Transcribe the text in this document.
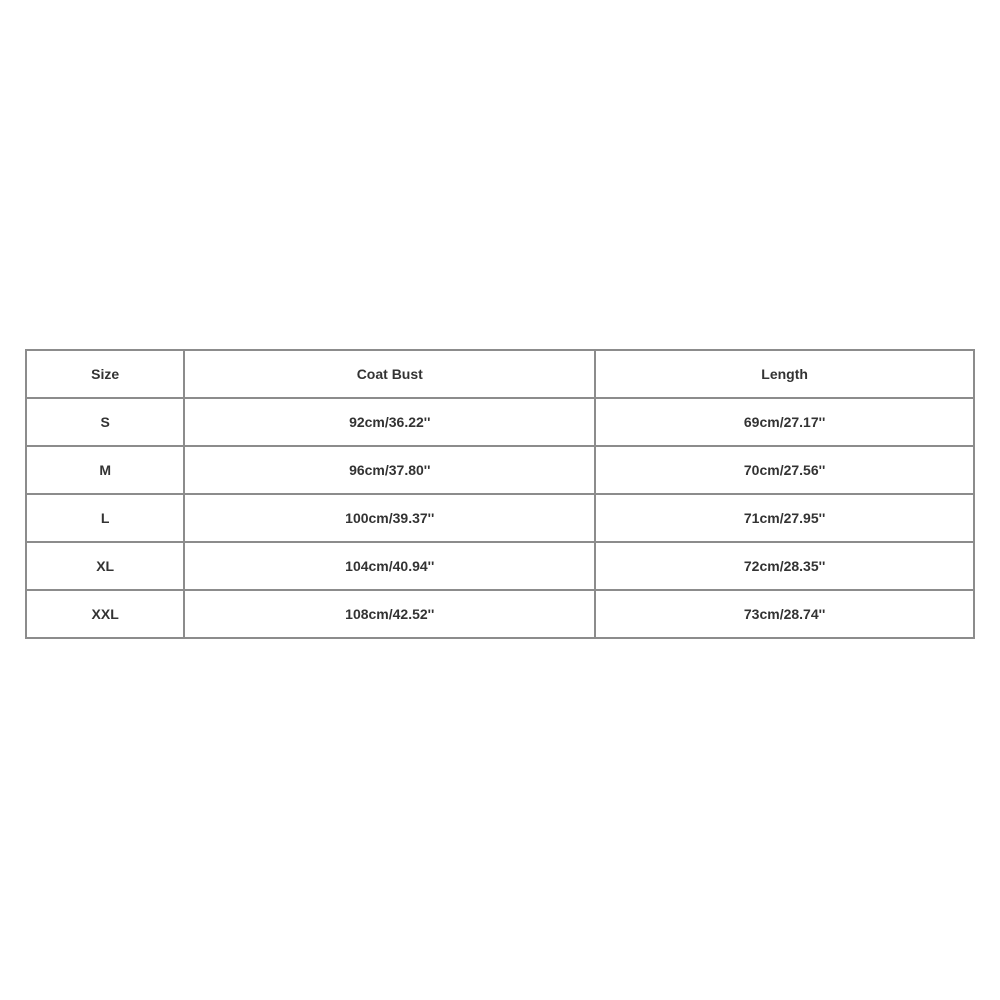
Size	Coat Bust	Length
S	92cm/36.22''	69cm/27.17''
M	96cm/37.80''	70cm/27.56''
L	100cm/39.37''	71cm/27.95''
XL	104cm/40.94''	72cm/28.35''
XXL	108cm/42.52''	73cm/28.74''
